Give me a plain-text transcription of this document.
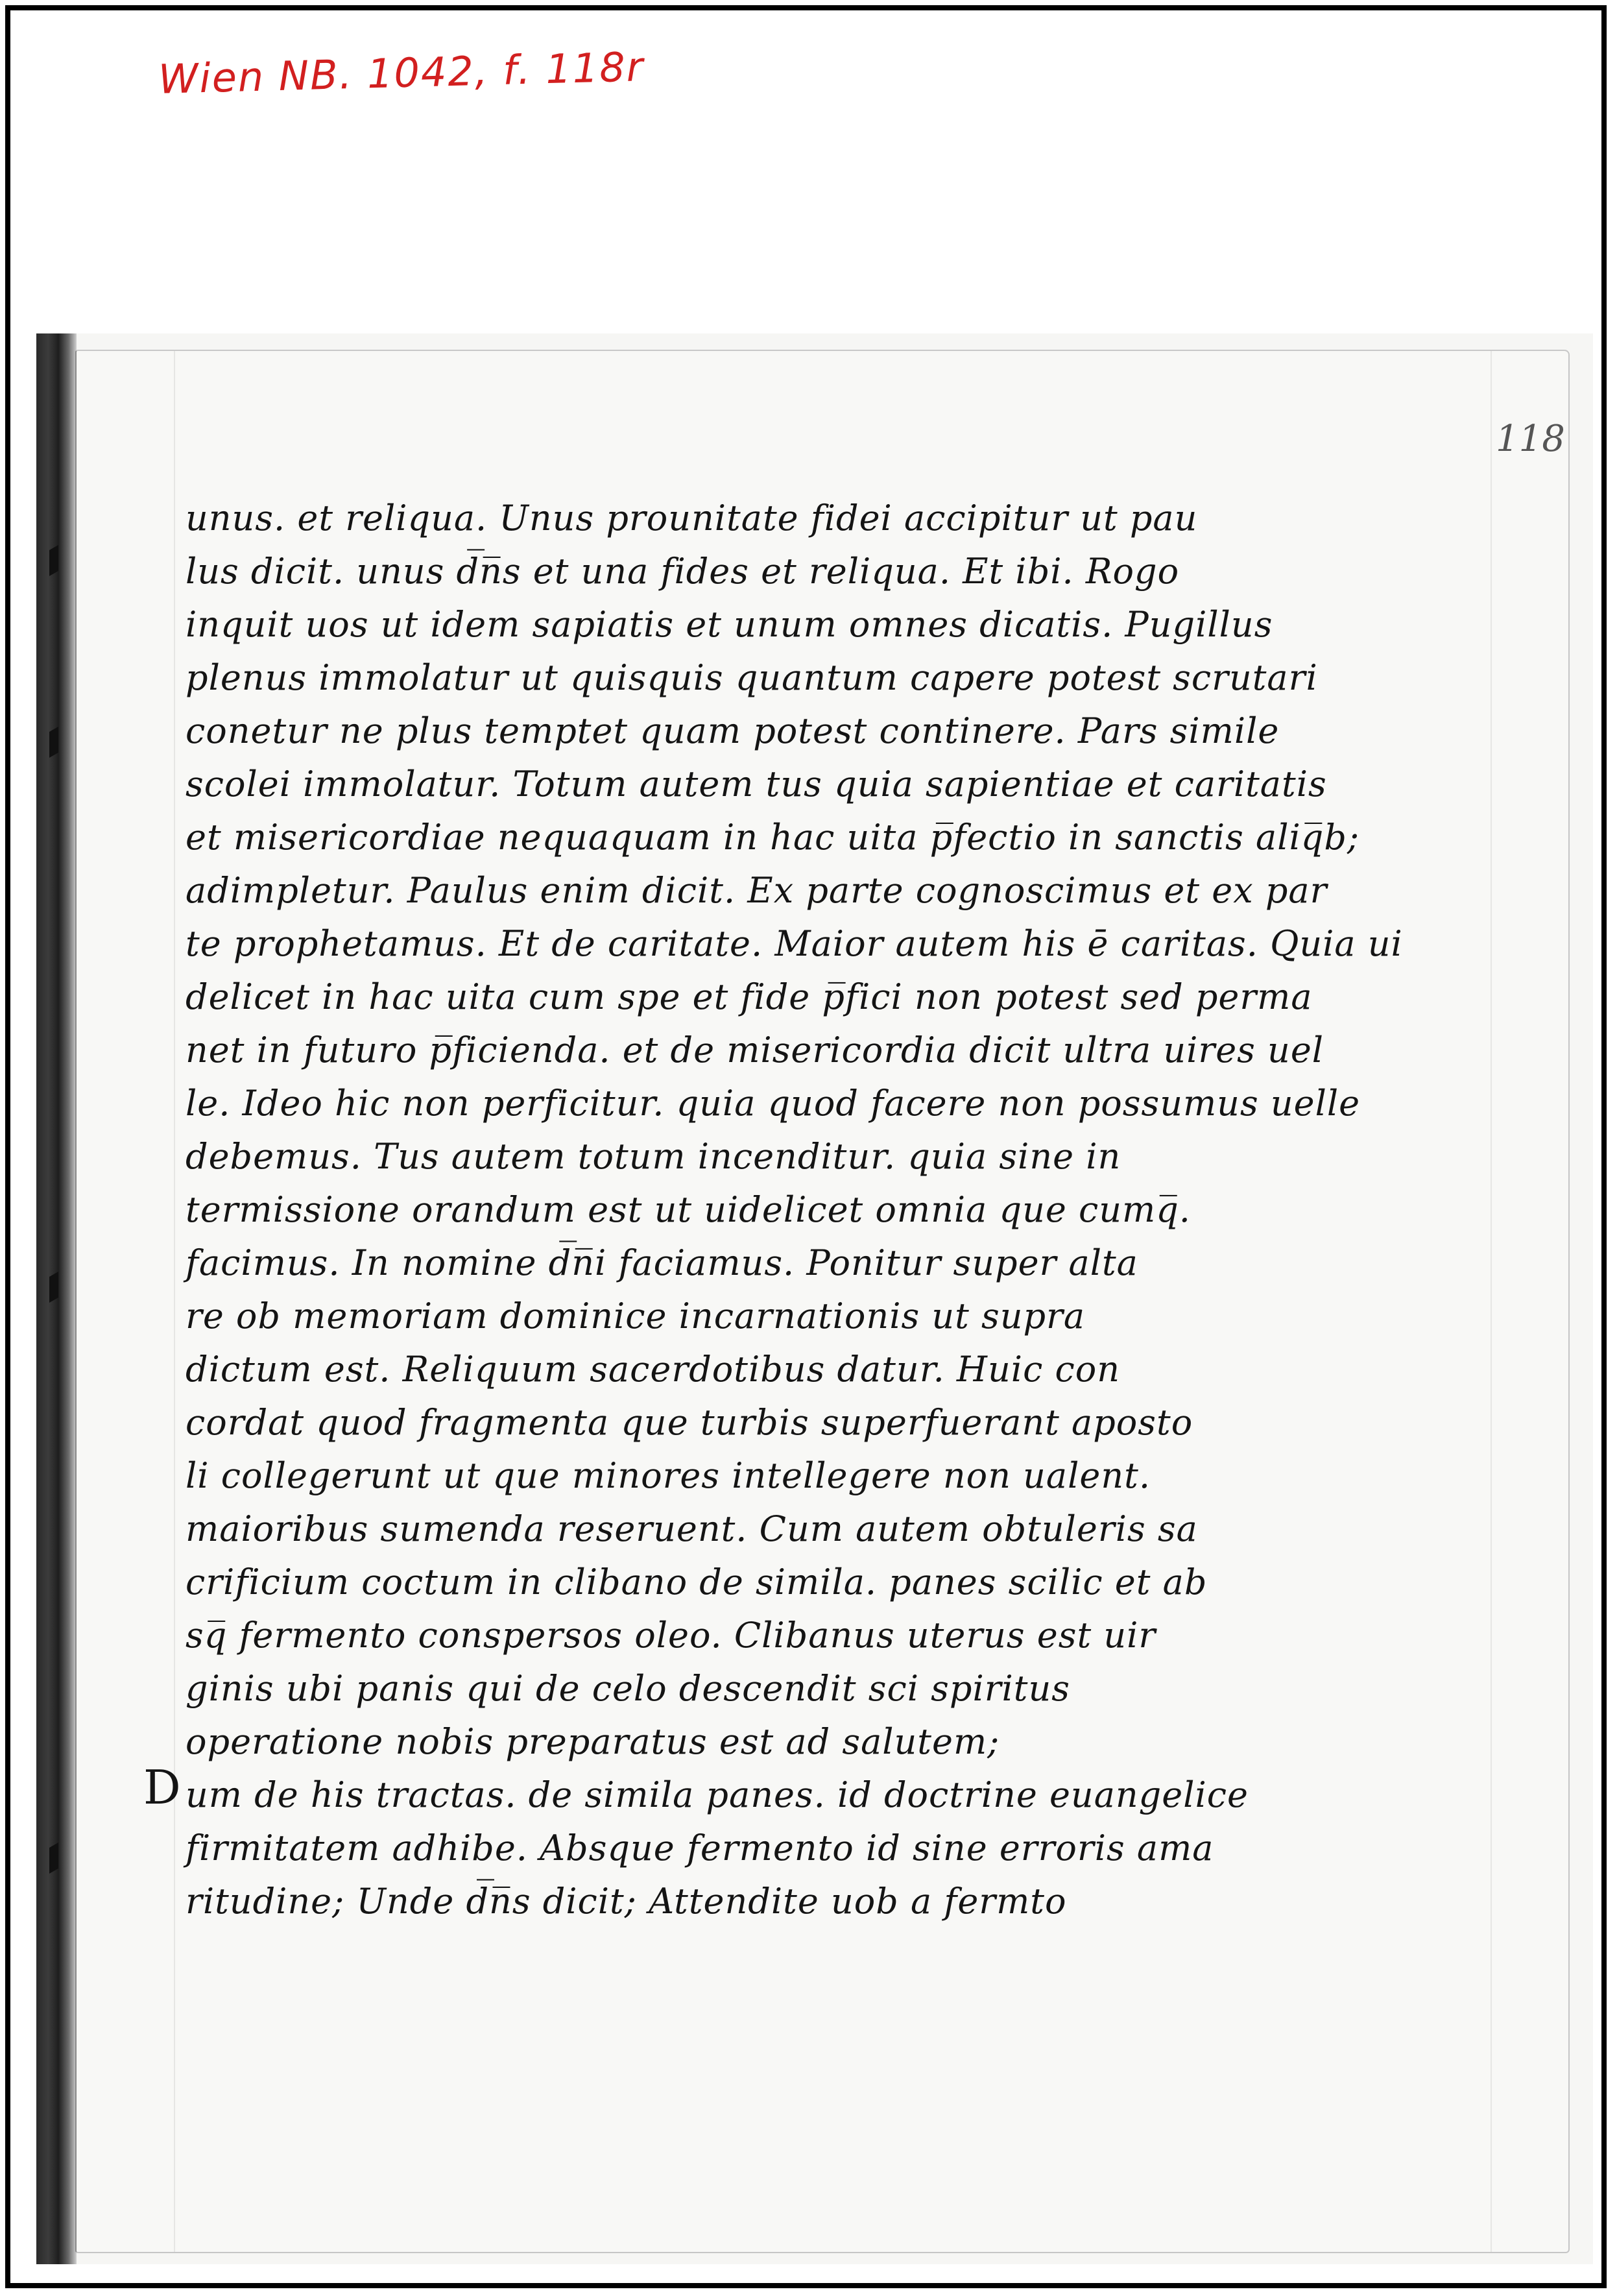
Wien NB. 1042, f. 118r
118
D
unus. et reliqua. Unus prounitate fidei accipitur ut pau
lus dicit. unus d̅n̅s et una fides et reliqua. Et ibi. Rogo
inquit uos ut idem sapiatis et unum omnes dicatis. Pugillus
plenus immolatur ut quisquis quantum capere potest scrutari
conetur ne plus temptet quam potest continere. Pars simile
scolei immolatur. Totum autem tus quia sapientiae et caritatis
et misericordiae nequaquam in hac uita p̅fectio in sanctis aliq̅b;
adimpletur. Paulus enim dicit. Ex parte cognoscimus et ex par
te prophetamus. Et de caritate. Maior autem his ē caritas. Quia ui
delicet in hac uita cum spe et fide p̅fici non potest sed perma
net in futuro p̅ficienda. et de misericordia dicit ultra uires uel
le. Ideo hic non perficitur. quia quod facere non possumus uelle
debemus. Tus autem totum incenditur. quia sine in
termissione orandum est ut uidelicet omnia que cumq̅.
facimus. In nomine d̅n̅i faciamus. Ponitur super alta
re ob memoriam dominice incarnationis ut supra
dictum est. Reliquum sacerdotibus datur. Huic con
cordat quod fragmenta que turbis superfuerant aposto
li collegerunt ut que minores intellegere non ualent.
maioribus sumenda reseruent. Cum autem obtuleris sa
crificium coctum in clibano de simila. panes scilic et ab
sq̅ fermento conspersos oleo. Clibanus uterus est uir
ginis ubi panis qui de celo descendit sci spiritus
operatione nobis preparatus est ad salutem;
um de his tractas. de simila panes. id doctrine euangelice
firmitatem adhibe. Absque fermento id sine erroris ama
ritudine; Unde d̅n̅s dicit; Attendite uob a fermto
